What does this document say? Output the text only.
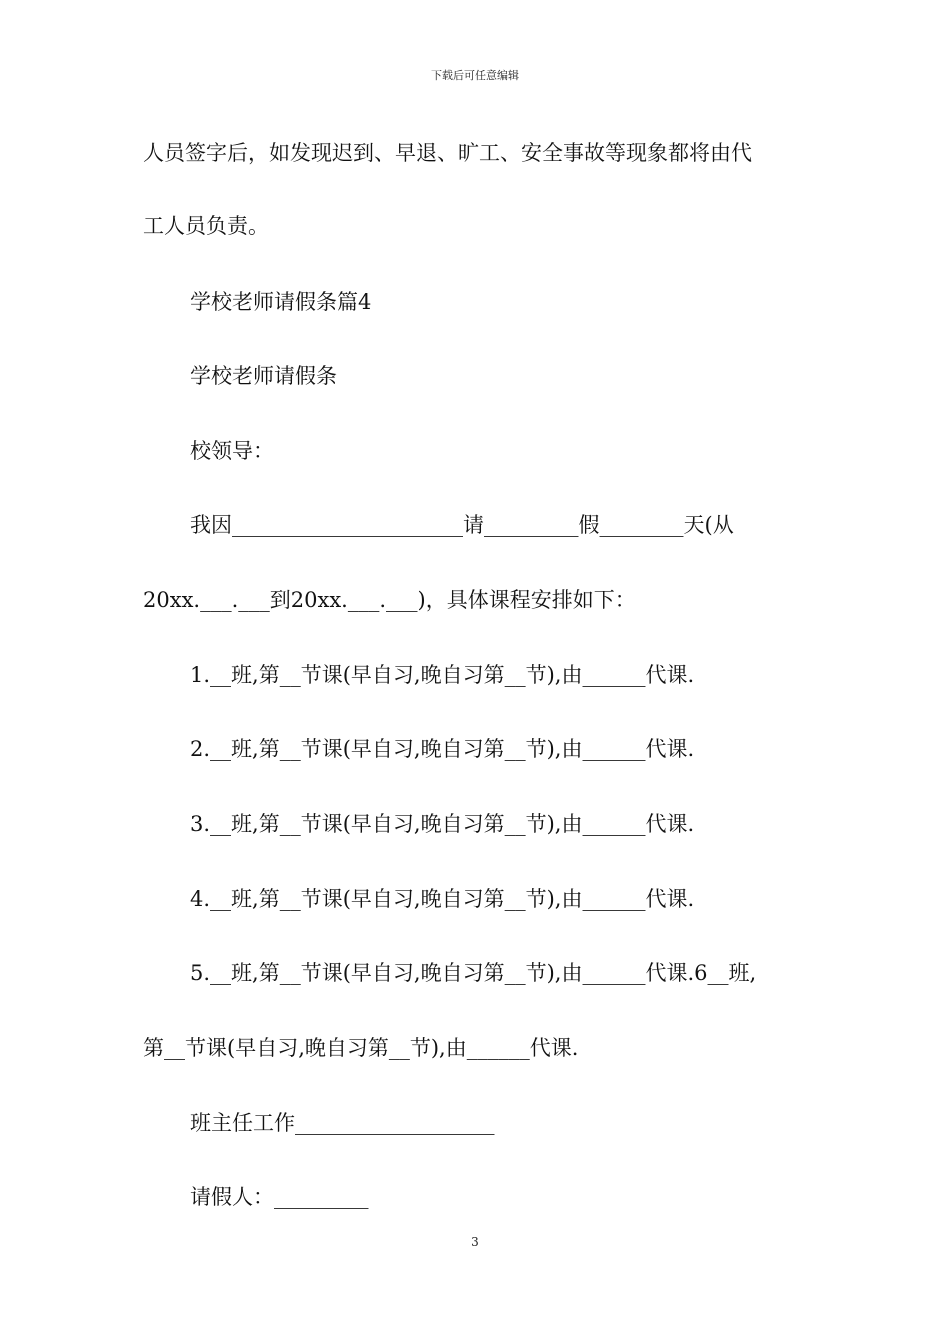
下载后可任意编辑
人员签字后，如发现迟到、早退、旷工、安全事故等现象都将由代
工人员负责。
学校老师请假条篇4
学校老师请假条
校领导：
我因______________________请_________假________天(从
20xx.___.___到20xx.___.___)，具体课程安排如下：
1.__班,第__节课(早自习,晚自习第__节),由______代课.
2.__班,第__节课(早自习,晚自习第__节),由______代课.
3.__班,第__节课(早自习,晚自习第__节),由______代课.
4.__班,第__节课(早自习,晚自习第__节),由______代课.
5.__班,第__节课(早自习,晚自习第__节),由______代课.6__班,
第__节课(早自习,晚自习第__节),由______代课.
班主任工作___________________
请假人：_________
3
